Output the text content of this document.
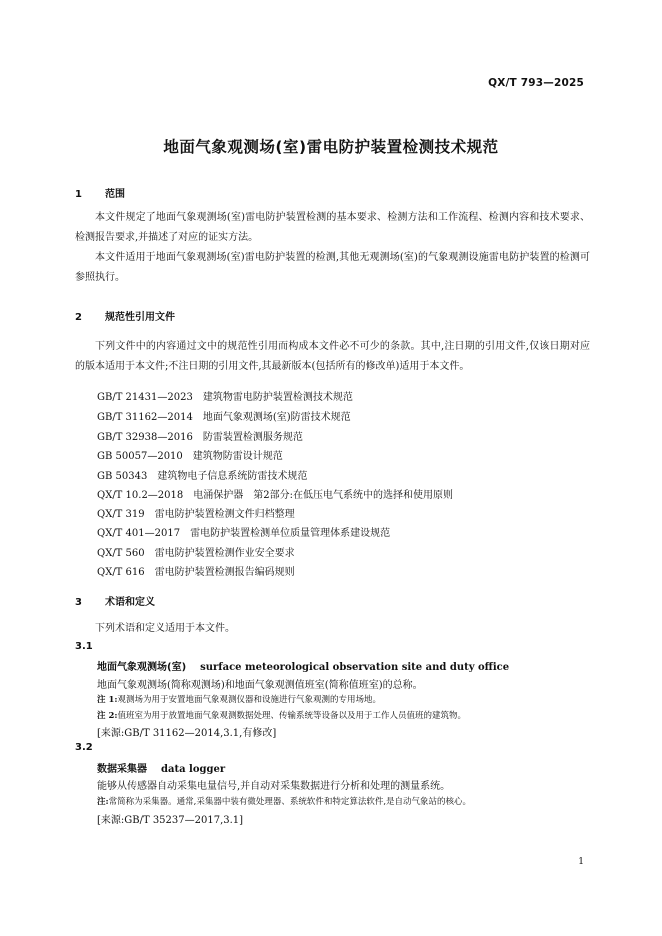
QX/T 793—2025
地面气象观测场(室)雷电防护装置检测技术规范
1 范围

本文件规定了地面气象观测场(室)雷电防护装置检测的基本要求、检测方法和工作流程、检测内容和技术要求、检测报告要求,并描述了对应的证实方法。

本文件适用于地面气象观测场(室)雷电防护装置的检测,其他无观测场(室)的气象观测设施雷电防护装置的检测可参照执行。

2 规范性引用文件

下列文件中的内容通过文中的规范性引用而构成本文件必不可少的条款。其中,注日期的引用文件,仅该日期对应的版本适用于本文件;不注日期的引用文件,其最新版本(包括所有的修改单)适用于本文件。

GB/T 21431—2023 建筑物雷电防护装置检测技术规范
GB/T 31162—2014 地面气象观测场(室)防雷技术规范
GB/T 32938—2016 防雷装置检测服务规范
GB 50057—2010 建筑物防雷设计规范
GB 50343 建筑物电子信息系统防雷技术规范
QX/T 10.2—2018 电涌保护器　第2部分:在低压电气系统中的选择和使用原则
QX/T 319 雷电防护装置检测文件归档整理
QX/T 401—2017 雷电防护装置检测单位质量管理体系建设规范
QX/T 560 雷电防护装置检测作业安全要求
QX/T 616 雷电防护装置检测报告编码规则
3 术语和定义

下列术语和定义适用于本文件。

3.1
地面气象观测场(室) surface meteorological observation site and duty office
地面气象观测场(简称观测场)和地面气象观测值班室(简称值班室)的总称。
注 1:观测场为用于安置地面气象观测仪器和设施进行气象观测的专用场地。
注 2:值班室为用于放置地面气象观测数据处理、传输系统等设备以及用于工作人员值班的建筑物。
[来源:GB/T 31162—2014,3.1,有修改]
3.2
数据采集器 data logger
能够从传感器自动采集电量信号,并自动对采集数据进行分析和处理的测量系统。
注:常简称为采集器。通常,采集器中装有微处理器、系统软件和特定算法软件,是自动气象站的核心。
[来源:GB/T 35237—2017,3.1]
1
